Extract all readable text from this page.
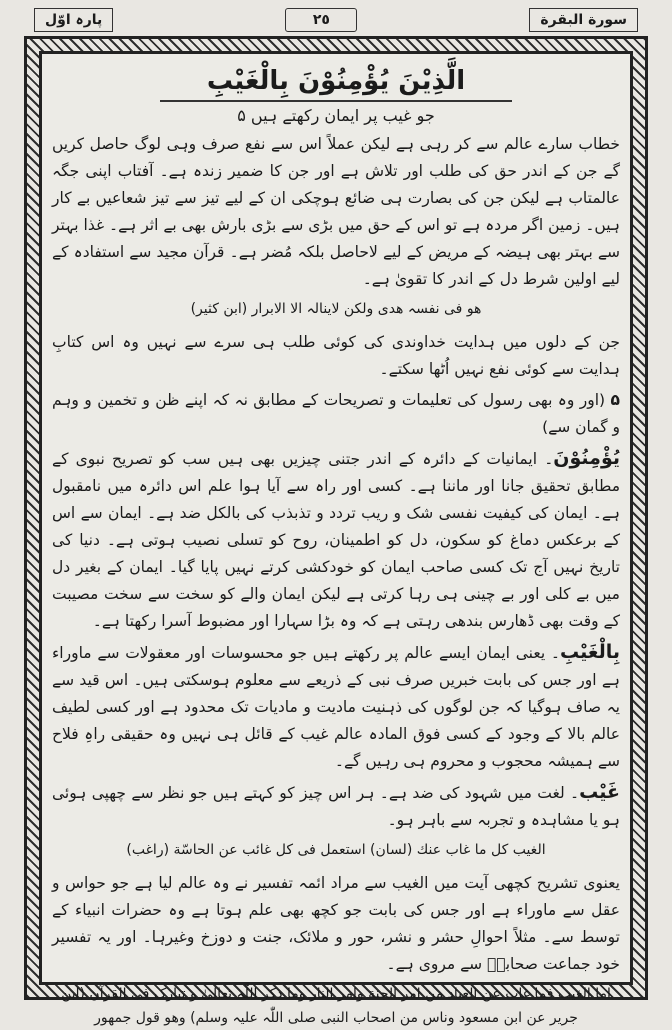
پارہ اوّل	٢٥	سورة البقرة
الَّذِيْنَ يُؤْمِنُوْنَ بِالْغَيْبِ
جو غیب پر ایمان رکھتے ہیں ۵

خطاب سارے عالم سے کر رہی ہے لیکن عملاً اس سے نفع صرف وہی لوگ حاصل کریں گے جن کے اندر حق کی طلب اور تلاش ہے اور جن کا ضمیر زندہ ہے۔ آفتاب اپنی جگہ عالمتاب ہے لیکن جن کی بصارت ہی ضائع ہوچکی ان کے لیے تیز سے تیز شعاعیں بے کار ہیں۔ زمین اگر مردہ ہے تو اس کے حق میں بڑی سے بڑی بارش بھی بے اثر ہے۔ غذا بہتر سے بہتر بھی ہیضہ کے مریض کے لیے لاحاصل بلکہ مُضر ہے۔ قرآن مجید سے استفادہ کے لیے اولین شرط دل کے اندر کا تقویٰ ہے۔

ھو فی نفسہ ھدی ولکن لاینالہ الا الابرار (ابن کثیر)

جن کے دلوں میں ہدایت خداوندی کی کوئی طلب ہی سرے سے نہیں وہ اس کتابِ ہدایت سے کوئی نفع نہیں اُٹھا سکتے۔

۵ (اور وہ بھی رسول کی تعلیمات و تصریحات کے مطابق نہ کہ اپنے ظن و تخمین و وہم و گمان سے)

يُؤْمِنُوْنَ۔ ایمانیات کے دائرہ کے اندر جتنی چیزیں بھی ہیں سب کو تصریح نبوی کے مطابق تحقیق جانا اور ماننا ہے۔ کسی اور راہ سے آیا ہوا علم اس دائرہ میں نامقبول ہے۔ ایمان کی کیفیت نفسی شک و ریب تردد و تذبذب کی بالکل ضد ہے۔ ایمان سے اس کے برعکس دماغ کو سکون، دل کو اطمینان، روح کو تسلی نصیب ہوتی ہے۔ دنیا کی تاریخ نہیں آج تک کسی صاحب ایمان کو خودکشی کرتے نہیں پایا گیا۔ ایمان کے بغیر دل میں بے کلی اور بے چینی ہی رہا کرتی ہے لیکن ایمان والے کو سخت سے سخت مصیبت کے وقت بھی ڈھارس بندھی رہتی ہے کہ وہ بڑا سہارا اور مضبوط آسرا رکھتا ہے۔

بِالْغَيْبِ۔ یعنی ایمان ایسے عالم پر رکھتے ہیں جو محسوسات اور معقولات سے ماوراء ہے اور جس کی بابت خبریں صرف نبی کے ذریعے سے معلوم ہوسکتی ہیں۔ اس قید سے یہ صاف ہوگیا کہ جن لوگوں کی ذہنیت مادیت و مادیات تک محدود ہے اور کسی لطیف عالم بالا کے وجود کے کسی فوق المادہ عالم غیب کے قائل ہی نہیں وہ حقیقی راہِ فلاح سے ہمیشہ محجوب و محروم ہی رہیں گے۔

غَيْب۔ لغت میں شہود کی ضد ہے۔ ہر اس چیز کو کہتے ہیں جو نظر سے چھپی ہوئی ہو یا مشاہدہ و تجربہ سے باہر ہو۔

الغیب کل ما غاب عنك (لسان) استعمل فی کل غائب عن الحاسّة (راغب)

یعنوی تشریح کچھی آیت میں الغیب سے مراد ائمہ تفسیر نے وہ عالم لیا ہے جو حواس و عقل سے ماوراء ہے اور جس کی بابت جو کچھ بھی علم ہوتا ہے وہ حضرات انبیاء کے توسط سے۔ مثلاً احوالِ حشر و نشر، حور و ملائک، جنت و دوزخ وغیرہا۔ اور یہ تفسیر خود جماعت صحابہؓ سے مروی ہے۔

اما الغیب فما غاب عن العباد من امر الجنة وامر النار وما ذکر اللّٰہ تعالیٰ و تبارک فی القرآن (ابن جریر عن ابن مسعود وناس من اصحاب النبی صلی اللّٰہ علیہ وسلم) وھو قول جمھور
